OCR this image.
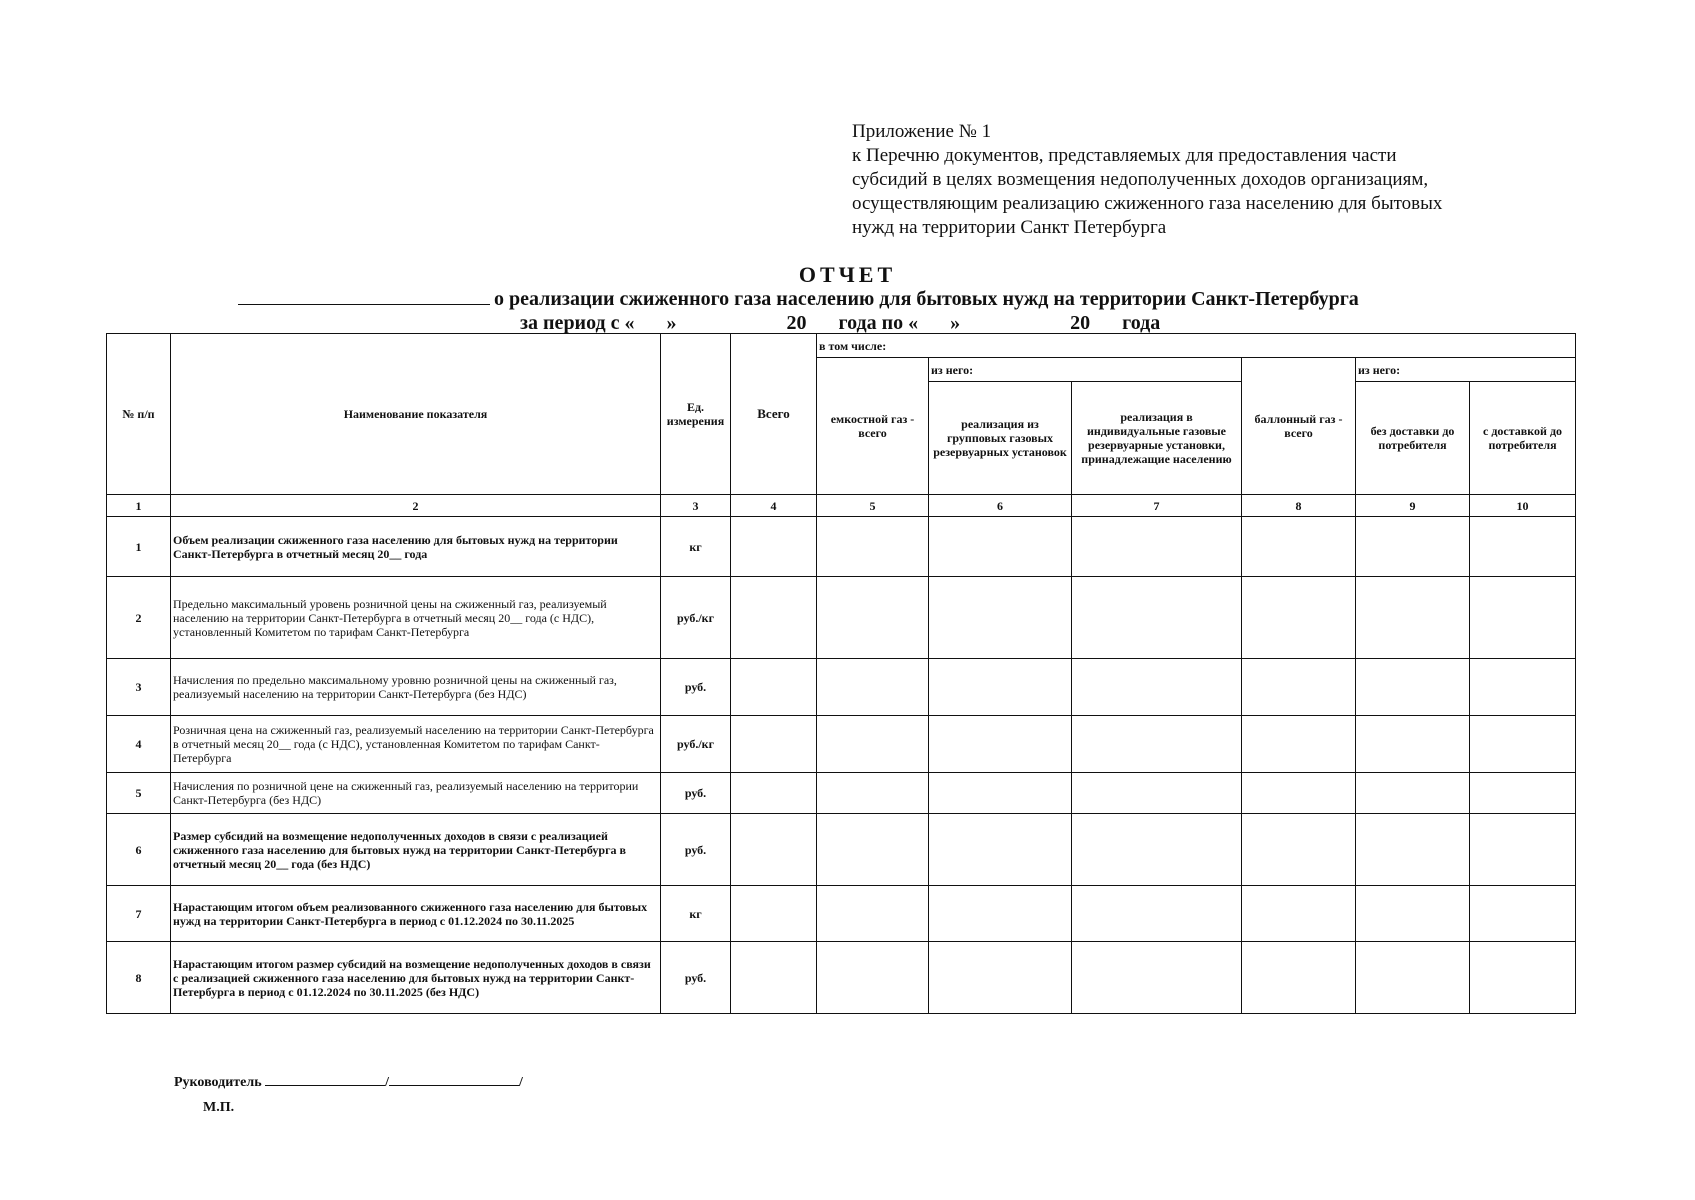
Приложение № 1
к Перечню документов, представляемых для предоставления части
субсидий в целях возмещения недополученных доходов организациям,
осуществляющим реализацию сжиженного газа населению для бытовых
нужд на территории Санкт Петербурга
ОТЧЕТ
о реализации сжиженного газа населению для бытовых нужд на территории Санкт-Петербурга
за период с « »	20 года по « »	20 года
№ п/п	Наименование показателя	Ед. измерения	Всего	в том числе:					
				емкостной газ - всего	из него:		баллонный газ - всего	из него:	
					реализация из групповых газовых резервуарных установок	реализация в индивидуальные газовые резервуарные установки, принадлежащие населению		без доставки до потребителя	с доставкой до потребителя
1	2	3	4	5	6	7	8	9	10
1	Объем реализации сжиженного газа населению для бытовых нужд на территории Санкт-Петербурга в отчетный месяц 20__ года	кг							
2	Предельно максимальный уровень розничной цены на сжиженный газ, реализуемый населению на территории Санкт-Петербурга в отчетный месяц 20__ года (с НДС), установленный Комитетом по тарифам Санкт-Петербурга	руб./кг							
3	Начисления по предельно максимальному уровню розничной цены на сжиженный газ, реализуемый населению на территории Санкт-Петербурга (без НДС)	руб.							
4	Розничная цена на сжиженный газ, реализуемый населению на территории Санкт-Петербурга в отчетный месяц 20__ года (с НДС), установленная Комитетом по тарифам Санкт-Петербурга	руб./кг							
5	Начисления по розничной цене на сжиженный газ, реализуемый населению на территории Санкт-Петербурга (без НДС)	руб.							
6	Размер субсидий на возмещение недополученных доходов в связи с реализацией сжиженного газа населению для бытовых нужд на территории Санкт-Петербурга в отчетный месяц 20__ года (без НДС)	руб.							
7	Нарастающим итогом объем реализованного сжиженного газа населению для бытовых нужд на территории Санкт-Петербурга в период с 01.12.2024 по 30.11.2025	кг							
8	Нарастающим итогом размер субсидий на возмещение недополученных доходов в связи с реализацией сжиженного газа населению для бытовых нужд на территории Санкт-Петербурга в период с 01.12.2024 по 30.11.2025 (без НДС)	руб.							
Руководитель	/	/
М.П.
